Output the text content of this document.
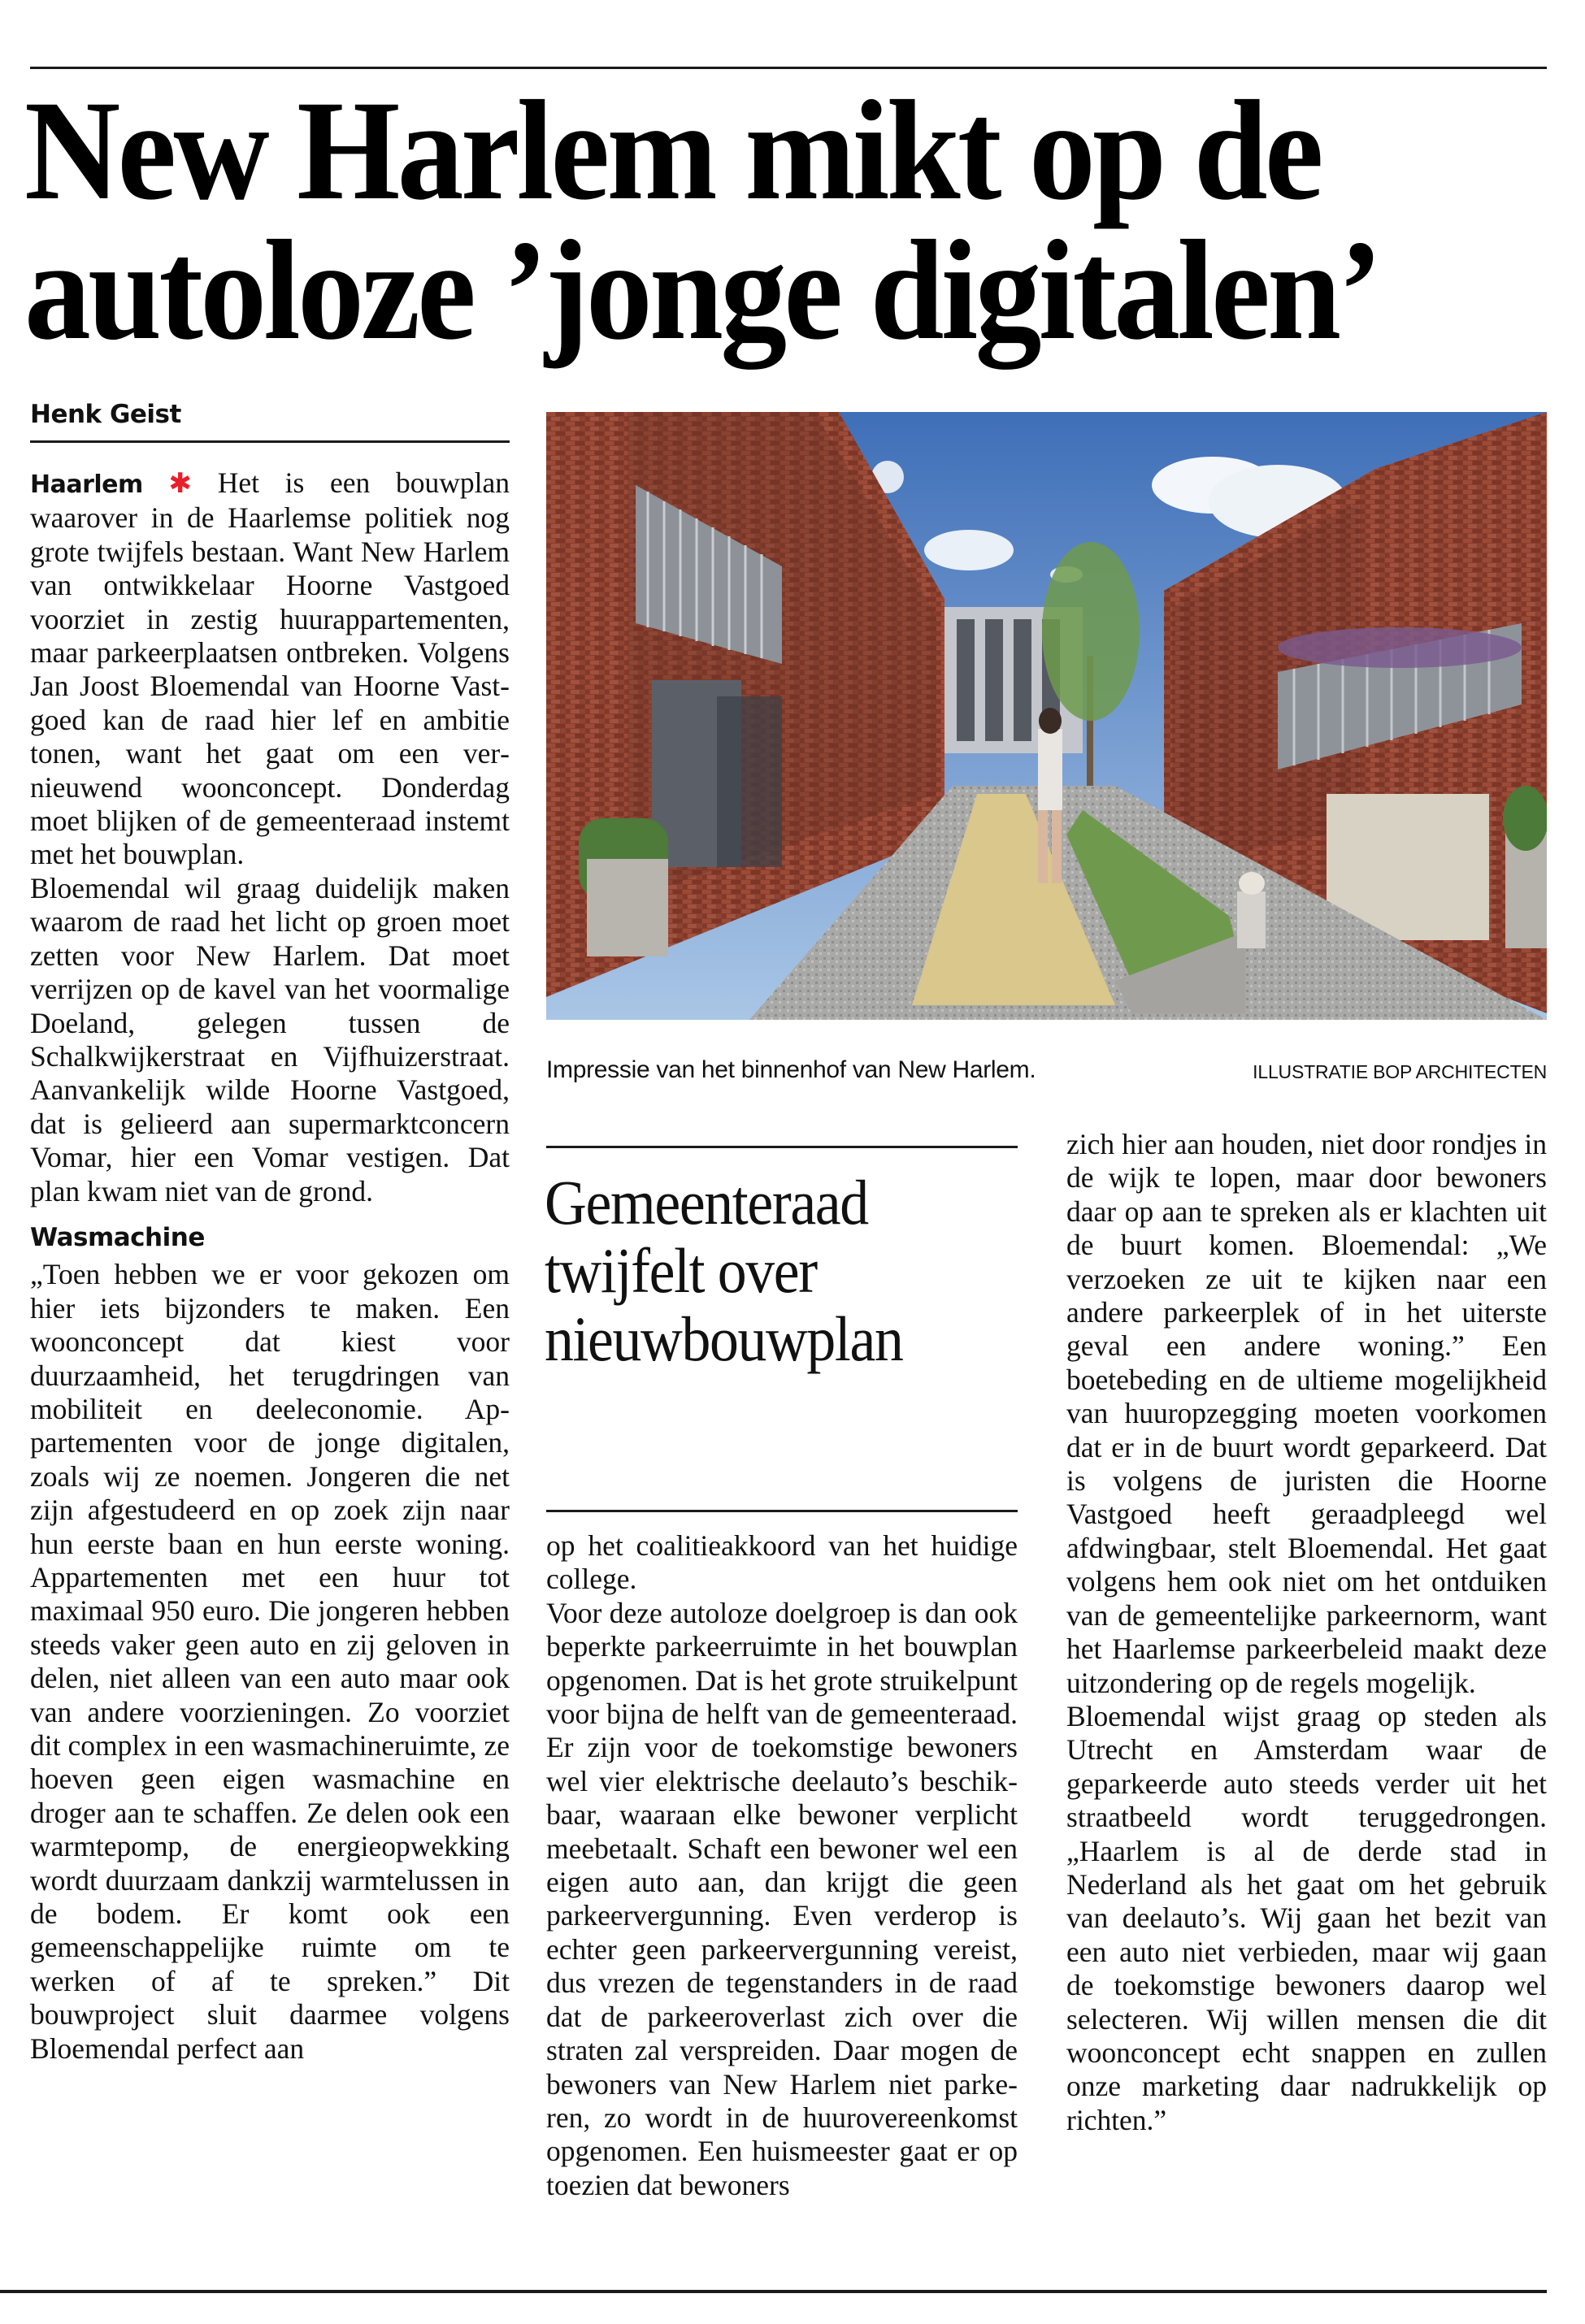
New Harlem mikt op de
autoloze ’jonge digitalen’
Henk Geist

Haarlem ✱ Het is een bouwplan waarover in de Haarlemse politiek nog grote twijfels bestaan. Want New Harlem van ontwikkelaar Hoorne Vastgoed voorziet in zestig huurappartementen, maar parkeerplaatsen ontbreken. Volgens Jan Joost Bloemendal van Hoorne Vastgoed kan de raad hier lef en ambitie tonen, want het gaat om een vernieuwend woonconcept. Donderdag moet blijken of de gemeenteraad instemt met het bouwplan.

Bloemendal wil graag duidelijk maken waarom de raad het licht op groen moet zetten voor New Harlem. Dat moet verrijzen op de kavel van het voormalige Doeland, gelegen tussen de Schalkwijkerstraat en Vijfhuizerstraat. Aanvankelijk wilde Hoorne Vastgoed, dat is gelieerd aan supermarktconcern Vomar, hier een Vomar vestigen. Dat plan kwam niet van de grond.

Wasmachine

„Toen hebben we er voor gekozen om hier iets bijzonders te maken. Een woonconcept dat kiest voor duurzaamheid, het terugdringen van mobiliteit en deeleconomie. Appartementen voor de jonge digitalen, zoals wij ze noemen. Jongeren die net zijn afgestudeerd en op zoek zijn naar hun eerste baan en hun eerste woning. Appartementen met een huur tot maximaal 950 euro. Die jongeren hebben steeds vaker geen auto en zij geloven in delen, niet alleen van een auto maar ook van andere voorzieningen. Zo voorziet dit complex in een wasmachineruimte, ze hoeven geen eigen wasmachine en droger aan te schaffen. Ze delen ook een warmtepomp, de energieopwekking wordt duurzaam dankzij warmtelussen in de bodem. Er komt ook een gemeenschappelijke ruimte om te werken of af te spreken.” Dit bouwproject sluit daarmee volgens Bloemendal perfect aan

Impressie van het binnenhof van New Harlem.	ILLUSTRATIE BOP ARCHITECTEN
Gemeenteraad
twijfelt over
nieuwbouwplan

op het coalitieakkoord van het huidige college.

Voor deze autoloze doelgroep is dan ook beperkte parkeerruimte in het bouwplan opgenomen. Dat is het grote struikelpunt voor bijna de helft van de gemeenteraad. Er zijn voor de toekomstige bewoners wel vier elektrische deelauto’s beschikbaar, waaraan elke bewoner verplicht meebetaalt. Schaft een bewoner wel een eigen auto aan, dan krijgt die geen parkeervergunning. Even verderop is echter geen parkeervergunning vereist, dus vrezen de tegenstanders in de raad dat de parkeeroverlast zich over die straten zal verspreiden. Daar mogen de bewoners van New Harlem niet parkeren, zo wordt in de huurovereenkomst opgenomen. Een huismeester gaat er op toezien dat bewoners

zich hier aan houden, niet door rondjes in de wijk te lopen, maar door bewoners daar op aan te spreken als er klachten uit de buurt komen. Bloemendal: „We verzoeken ze uit te kijken naar een andere parkeerplek of in het uiterste geval een andere woning.” Een boetebeding en de ultieme mogelijkheid van huuropzegging moeten voorkomen dat er in de buurt wordt geparkeerd. Dat is volgens de juristen die Hoorne Vastgoed heeft geraadpleegd wel afdwingbaar, stelt Bloemendal. Het gaat volgens hem ook niet om het ontduiken van de gemeentelijke parkeernorm, want het Haarlemse parkeerbeleid maakt deze uitzondering op de regels mogelijk.

Bloemendal wijst graag op steden als Utrecht en Amsterdam waar de geparkeerde auto steeds verder uit het straatbeeld wordt teruggedrongen. „Haarlem is al de derde stad in Nederland als het gaat om het gebruik van deelauto’s. Wij gaan het bezit van een auto niet verbieden, maar wij gaan de toekomstige bewoners daarop wel selecteren. Wij willen mensen die dit woonconcept echt snappen en zullen onze marketing daar nadrukkelijk op richten.”
